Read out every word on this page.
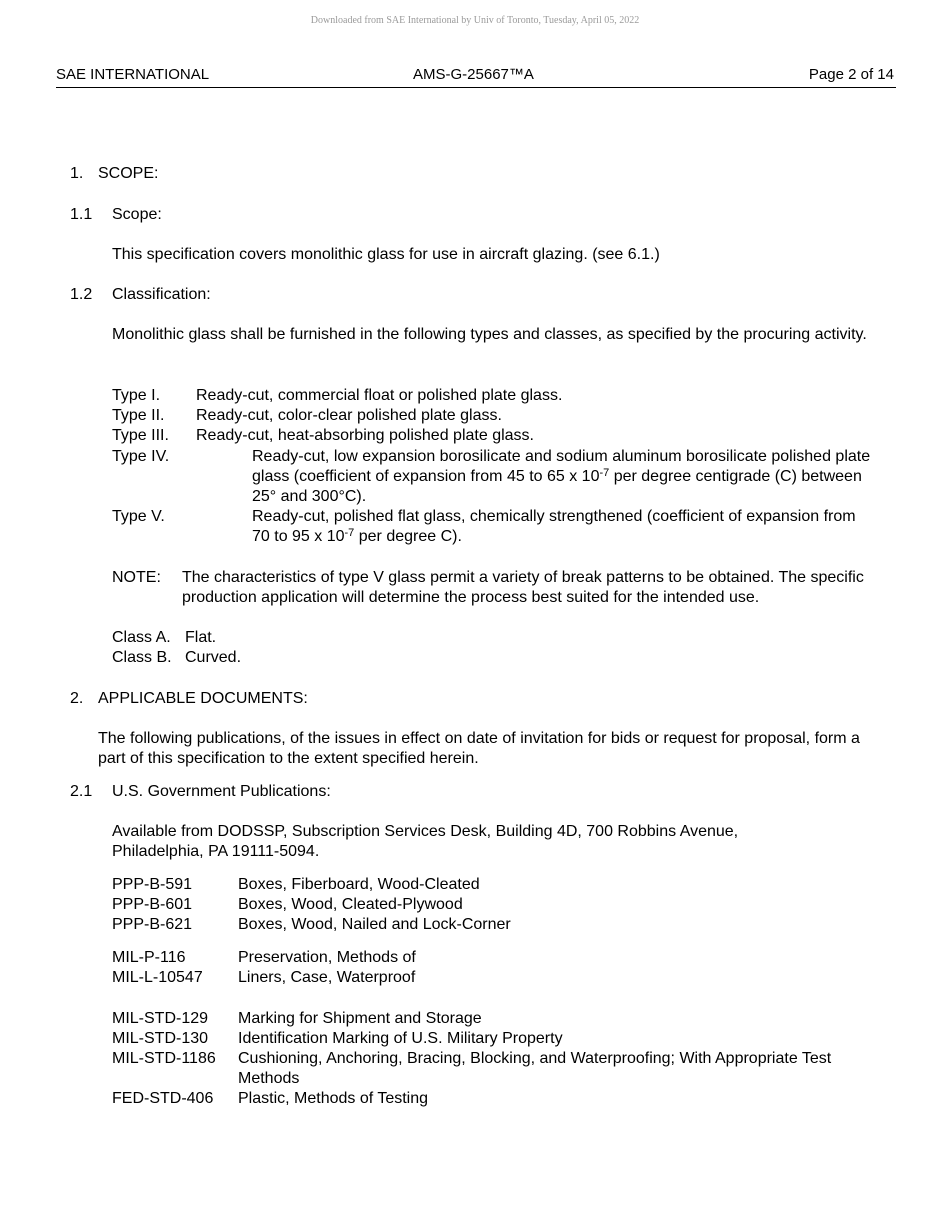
Downloaded from SAE International by Univ of Toronto, Tuesday, April 05, 2022
SAE INTERNATIONAL	AMS-G-25667™A	Page 2 of 14
1. SCOPE:
1.1 Scope:
This specification covers monolithic glass for use in aircraft glazing. (see 6.1.)
1.2 Classification:
Monolithic glass shall be furnished in the following types and classes, as specified by the procuring activity.
Type I. Ready-cut, commercial float or polished plate glass.
Type II. Ready-cut, color-clear polished plate glass.
Type III. Ready-cut, heat-absorbing polished plate glass.
Type IV.	Ready-cut, low expansion borosilicate and sodium aluminum borosilicate polished plate glass (coefficient of expansion from 45 to 65 x $10^{-7}$ per degree centigrade (C) between 25° and 300°C).
Type V.	Ready-cut, polished flat glass, chemically strengthened (coefficient of expansion from 70 to 95 x $10^{-7}$ per degree C).
NOTE: The characteristics of type V glass permit a variety of break patterns to be obtained. The specific production application will determine the process best suited for the intended use.
Class A. Flat.
Class B. Curved.
2. APPLICABLE DOCUMENTS:
The following publications, of the issues in effect on date of invitation for bids or request for proposal, form a part of this specification to the extent specified herein.
2.1 U.S. Government Publications:
Available from DODSSP, Subscription Services Desk, Building 4D, 700 Robbins Avenue, Philadelphia, PA 19111-5094.
PPP-B-591	Boxes, Fiberboard, Wood-Cleated
PPP-B-601	Boxes, Wood, Cleated-Plywood
PPP-B-621	Boxes, Wood, Nailed and Lock-Corner
MIL-P-116	Preservation, Methods of
MIL-L-10547 Liners, Case, Waterproof
MIL-STD-129 Marking for Shipment and Storage
MIL-STD-130 Identification Marking of U.S. Military Property
MIL-STD-1186 Cushioning, Anchoring, Bracing, Blocking, and Waterproofing; With Appropriate Test Methods
FED-STD-406 Plastic, Methods of Testing
